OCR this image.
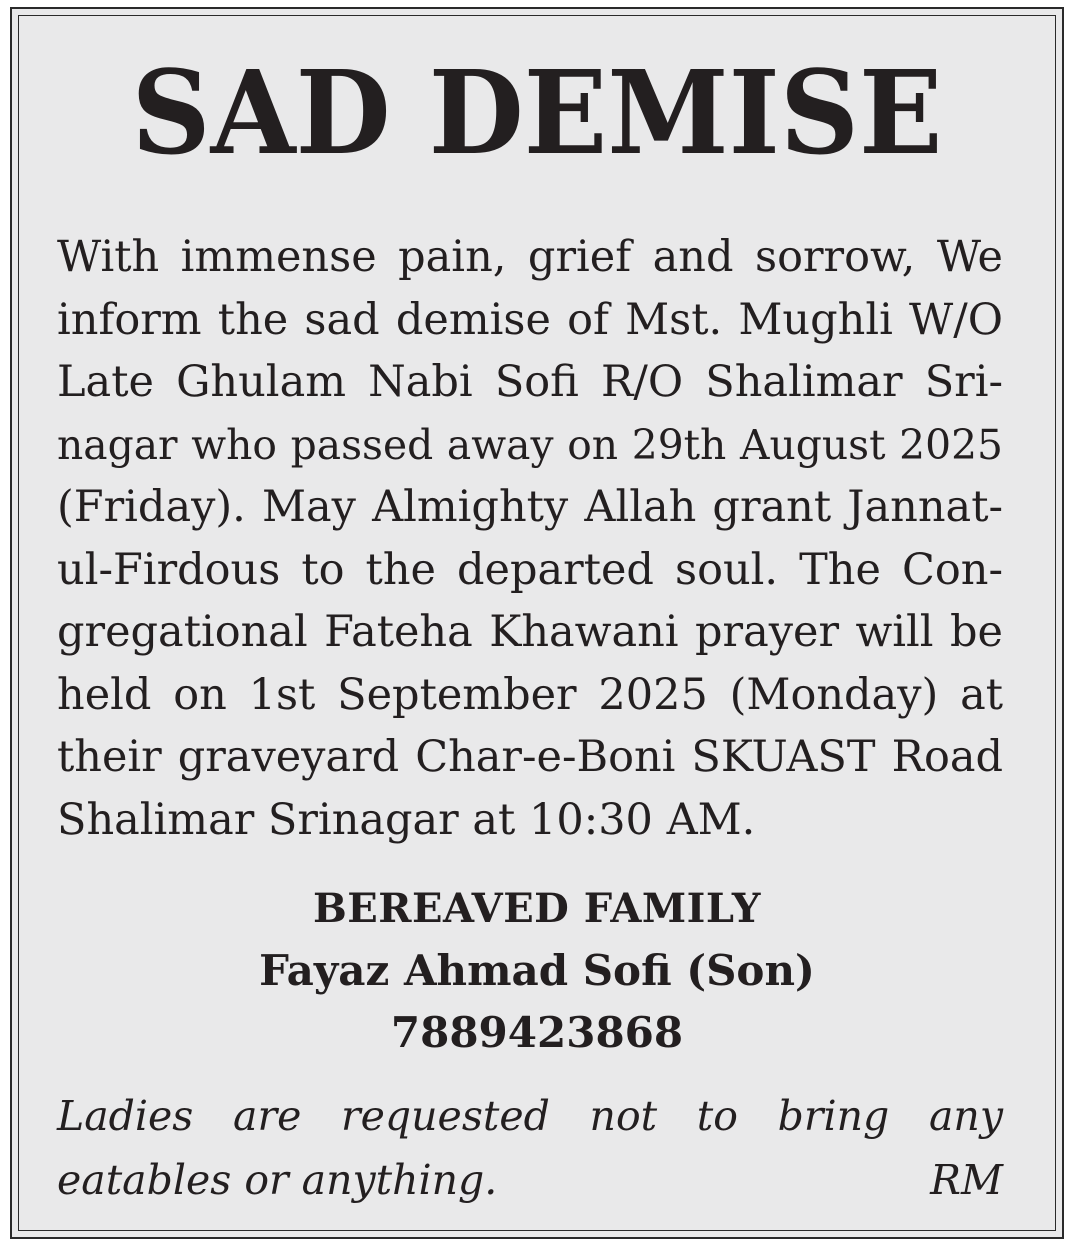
SAD DEMISE

With immense pain, grief and sorrow, We
inform the sad demise of Mst. Mughli W/O
Late Ghulam Nabi Sofi R/O Shalimar Sri-
nagar who passed away on 29th August 2025
(Friday). May Almighty Allah grant Jannat-
ul-Firdous to the departed soul. The Con-
gregational Fateha Khawani prayer will be
held on 1st September 2025 (Monday) at
their graveyard Char-e-Boni SKUAST Road
Shalimar Srinagar at 10:30 AM.

BEREAVED FAMILY
Fayaz Ahmad Sofi (Son)
7889423868
Ladies are requested not to bring any
eatables or anything.	RM
